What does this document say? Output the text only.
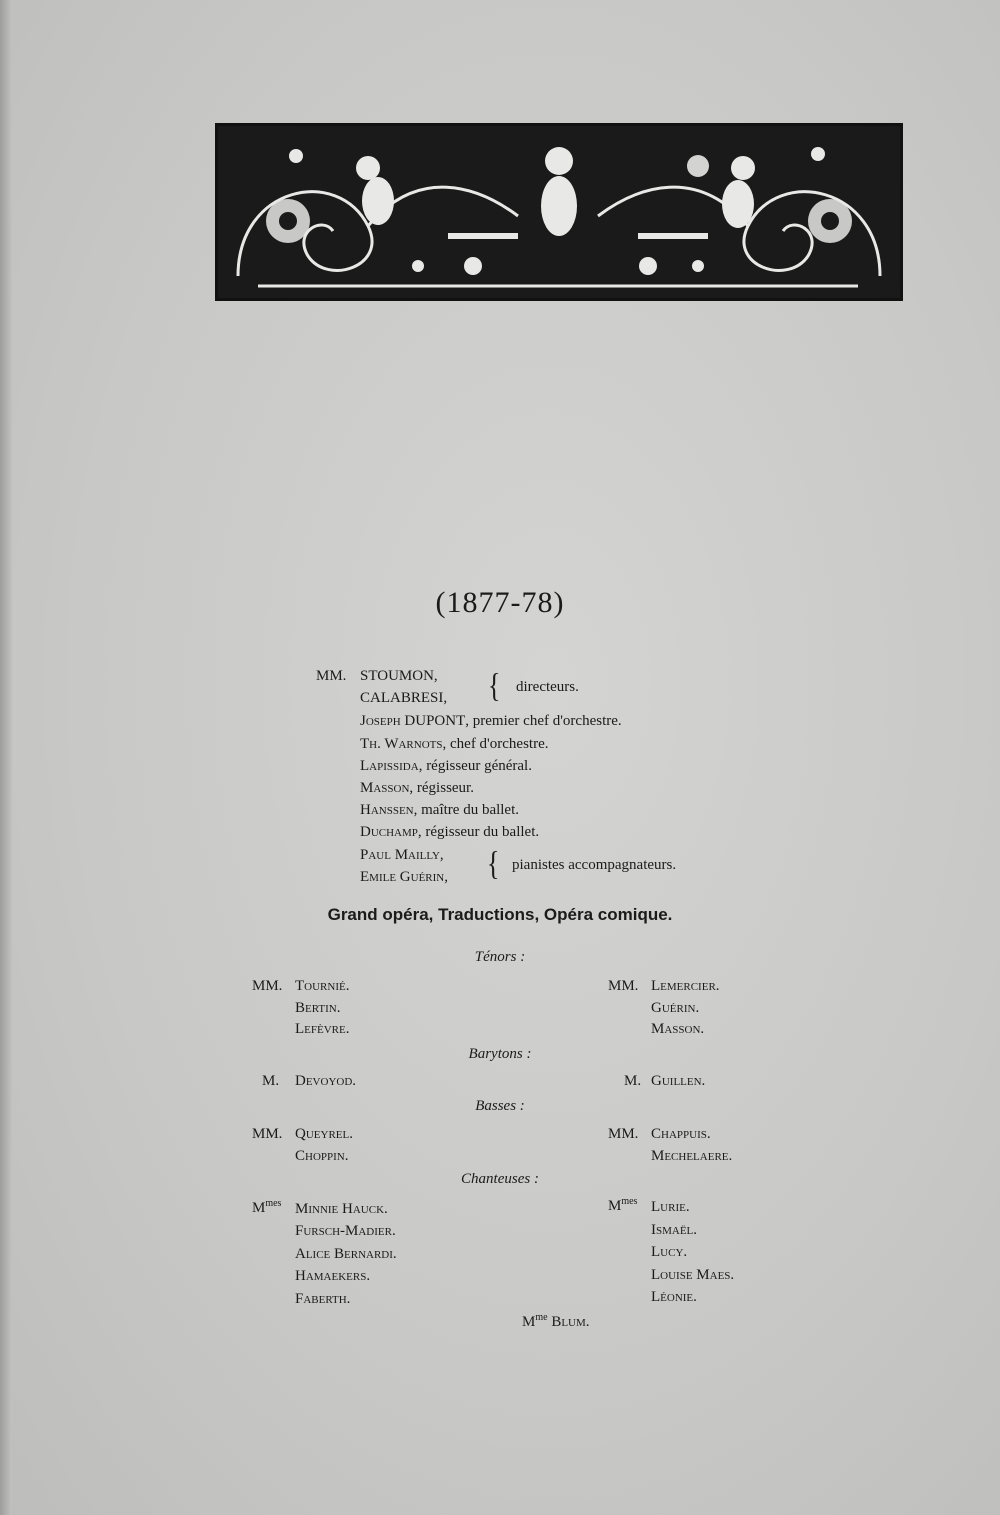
(1877-78)
MM. STOUMON,
CALABRESI, { directeurs.
Joseph DUPONT, premier chef d'orchestre.
Th. Warnots, chef d'orchestre.
Lapissida, régisseur général.
Masson, régisseur.
Hanssen, maître du ballet.
Duchamp, régisseur du ballet.
Paul Mailly,
Emile Guérin, { pianistes accompagnateurs.
Grand opéra, Traductions, Opéra comique.
Ténors :
MM. Tournié.
Bertin.
Lefèvre.
MM. Lemercier.
Guérin.
Masson.
Barytons :
M. Devoyod.	M. Guillen.
Basses :
MM. Queyrel.
Choppin.
MM. Chappuis.
Mechelaere.
Chanteuses :
$M^{mes}$ Minnie Hauck.
Fursch-Madier.
Alice Bernardi.
Hamaekers.
Faberth.
$M^{mes}$ Lurie.
Ismaël.
Lucy.
Louise Maes.
Léonie.
$M^{me}$ Blum.
